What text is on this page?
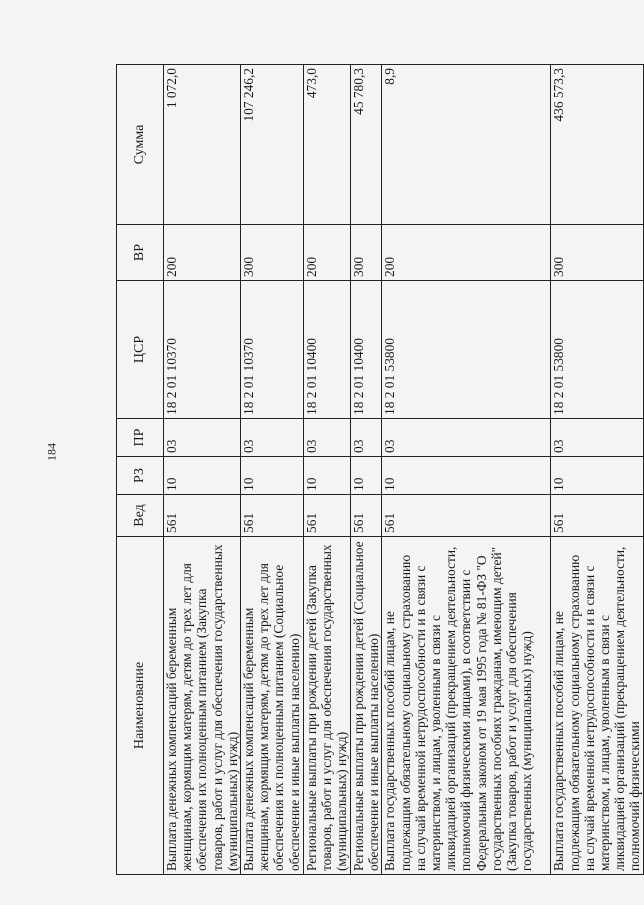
184
Наименование	Вед	РЗ	ПР	ЦСР	ВР	Сумма
Выплата денежных компенсаций беременным женщинам, кормящим матерям, детям до трех лет для обеспечения их полноценным питанием (Закупка товаров, работ и услуг для обеспечения государственных (муниципальных) нужд)	561	10	03	18 2 01 10370	200	1 072,0
Выплата денежных компенсаций беременным женщинам, кормящим матерям, детям до трех лет для обеспечения их полноценным питанием (Социальное обеспечение и иные выплаты населению)	561	10	03	18 2 01 10370	300	107 246,2
Региональные выплаты при рождении детей (Закупка товаров, работ и услуг для обеспечения государственных (муниципальных) нужд)	561	10	03	18 2 01 10400	200	473,0
Региональные выплаты при рождении детей (Социальное обеспечение и иные выплаты населению)	561	10	03	18 2 01 10400	300	45 780,3
Выплата государственных пособий лицам, не подлежащим обязательному социальному страхованию на случай временной нетрудоспособности и в связи с материнством, и лицам, уволенным в связи с ликвидацией организаций (прекращением деятельности, полномочий физическими лицами), в соответствии с Федеральным законом от 19 мая 1995 года № 81-ФЗ "О государственных пособиях гражданам, имеющим детей" (Закупка товаров, работ и услуг для обеспечения государственных (муниципальных) нужд)	561	10	03	18 2 01 53800	200	8,9
Выплата государственных пособий лицам, не подлежащим обязательному социальному страхованию на случай временной нетрудоспособности и в связи с материнством, и лицам, уволенным в связи с ликвидацией организаций (прекращением деятельности, полномочий физическими	561	10	03	18 2 01 53800	300	436 573,3
